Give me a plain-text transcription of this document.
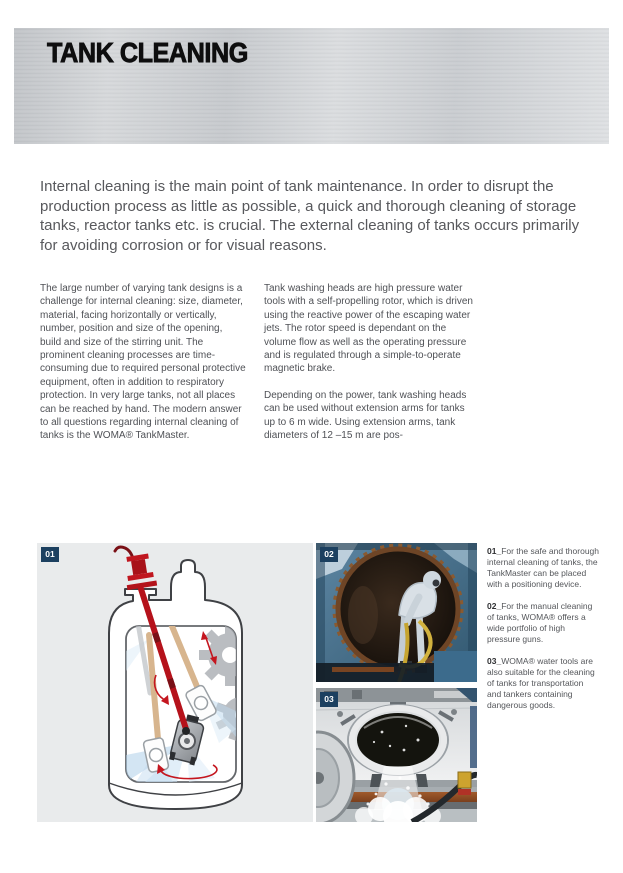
TANK CLEANING

Internal cleaning is the main point of tank maintenance. In order to disrupt the production process as little as possible, a quick and thorough cleaning of storage tanks, reactor tanks etc. is crucial. The external cleaning of tanks occurs primarily for avoiding corrosion or for visual reasons.

The large number of varying tank designs is a challenge for internal cleaning: size, diameter, material, facing horizontally or vertically, number, position and size of the opening, build and size of the stirring unit. The prominent cleaning processes are time-consuming due to required personal protective equipment, often in addition to respiratory protection. In very large tanks, not all places can be reached by hand. The modern answer to all questions regarding internal cleaning of tanks is the WOMA® TankMaster.

Tank washing heads are high pressure water tools with a self-propelling rotor, which is driven using the reactive power of the escaping water jets. The rotor speed is dependant on the volume flow as well as the operating pressure and is regulated through a simple-to-operate magnetic brake.

Depending on the power, tank washing heads can be used without extension arms for tanks up to 6 m wide. Using extension arms, tank diameters of 12 –15 m are pos-

01	02
03

01_For the safe and thorough internal cleaning of tanks, the TankMaster can be placed with a positioning device.

02_For the manual cleaning of tanks, WOMA® offers a wide portfolio of high pressure guns.

03_WOMA® water tools are also suitable for the cleaning of tanks for transportation and tankers containing dangerous goods.
